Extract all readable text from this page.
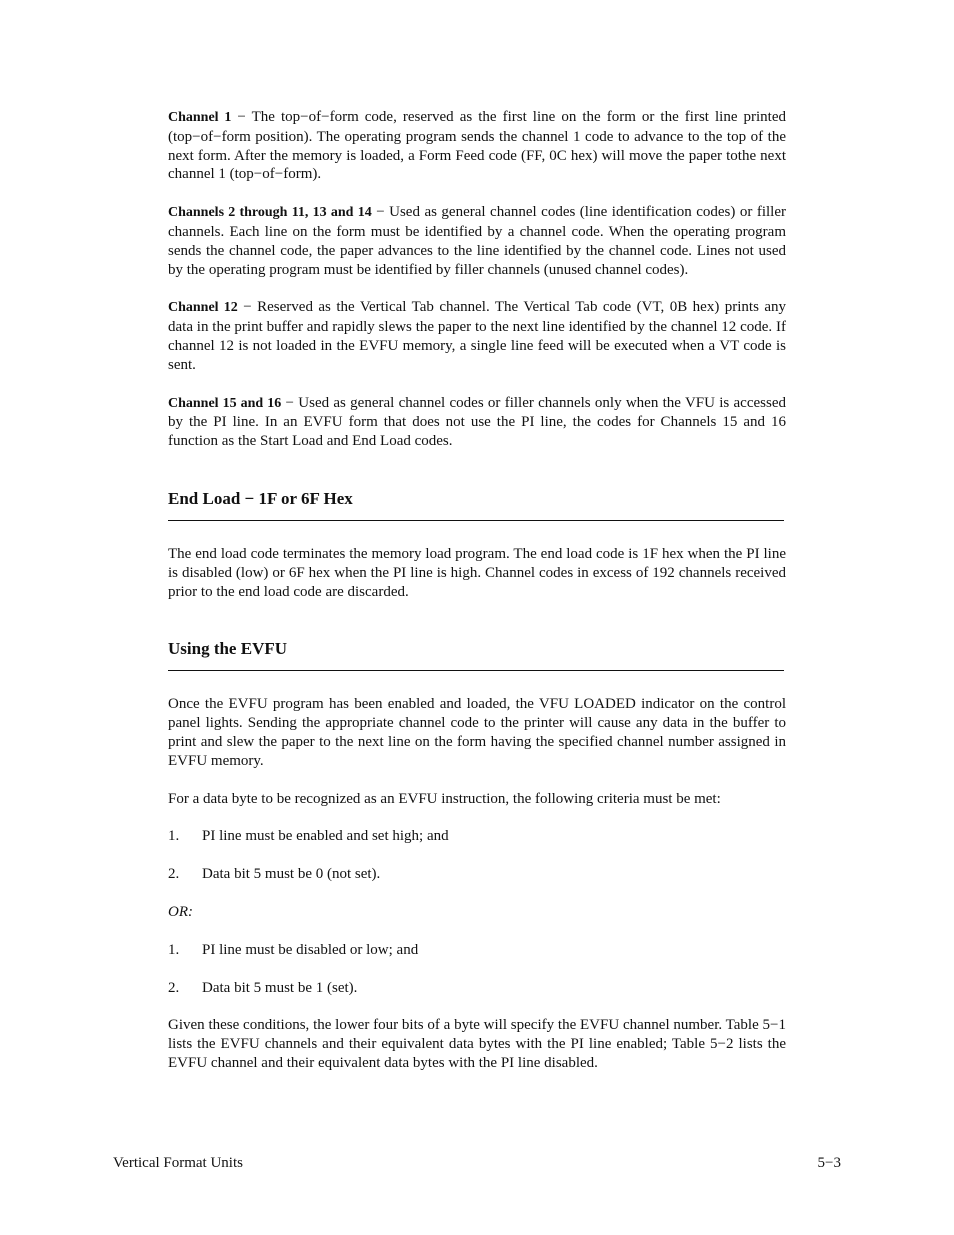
Channel 1 − The top−of−form code, reserved as the first line on the form or the first line printed (top−of−form position). The operating program sends the channel 1 code to advance to the top of the next form. After the memory is loaded, a Form Feed code (FF, 0C hex) will move the paper tothe next channel 1 (top−of−form).

Channels 2 through 11, 13 and 14 − Used as general channel codes (line identification codes) or filler channels. Each line on the form must be identified by a channel code. When the operating program sends the channel code, the paper advances to the line identified by the channel code. Lines not used by the operating program must be identified by filler channels (unused channel codes).

Channel 12 − Reserved as the Vertical Tab channel. The Vertical Tab code (VT, 0B hex) prints any data in the print buffer and rapidly slews the paper to the next line identified by the channel 12 code. If channel 12 is not loaded in the EVFU memory, a single line feed will be executed when a VT code is sent.

Channel 15 and 16 − Used as general channel codes or filler channels only when the VFU is accessed by the PI line. In an EVFU form that does not use the PI line, the codes for Channels 15 and 16 function as the Start Load and End Load codes.

End Load − 1F or 6F Hex

The end load code terminates the memory load program. The end load code is 1F hex when the PI line is disabled (low) or 6F hex when the PI line is high. Channel codes in excess of 192 channels received prior to the end load code are discarded.

Using the EVFU

Once the EVFU program has been enabled and loaded, the VFU LOADED indicator on the control panel lights. Sending the appropriate channel code to the printer will cause any data in the buffer to print and slew the paper to the next line on the form having the specified channel number assigned in EVFU memory.

For a data byte to be recognized as an EVFU instruction, the following criteria must be met:

1.	PI line must be enabled and set high; and
2.	Data bit 5 must be 0 (not set).
OR:
1.	PI line must be disabled or low; and
2.	Data bit 5 must be 1 (set).

Given these conditions, the lower four bits of a byte will specify the EVFU channel number. Table 5−1 lists the EVFU channels and their equivalent data bytes with the PI line enabled; Table 5−2 lists the EVFU channel and their equivalent data bytes with the PI line disabled.

Vertical Format Units	5−3
